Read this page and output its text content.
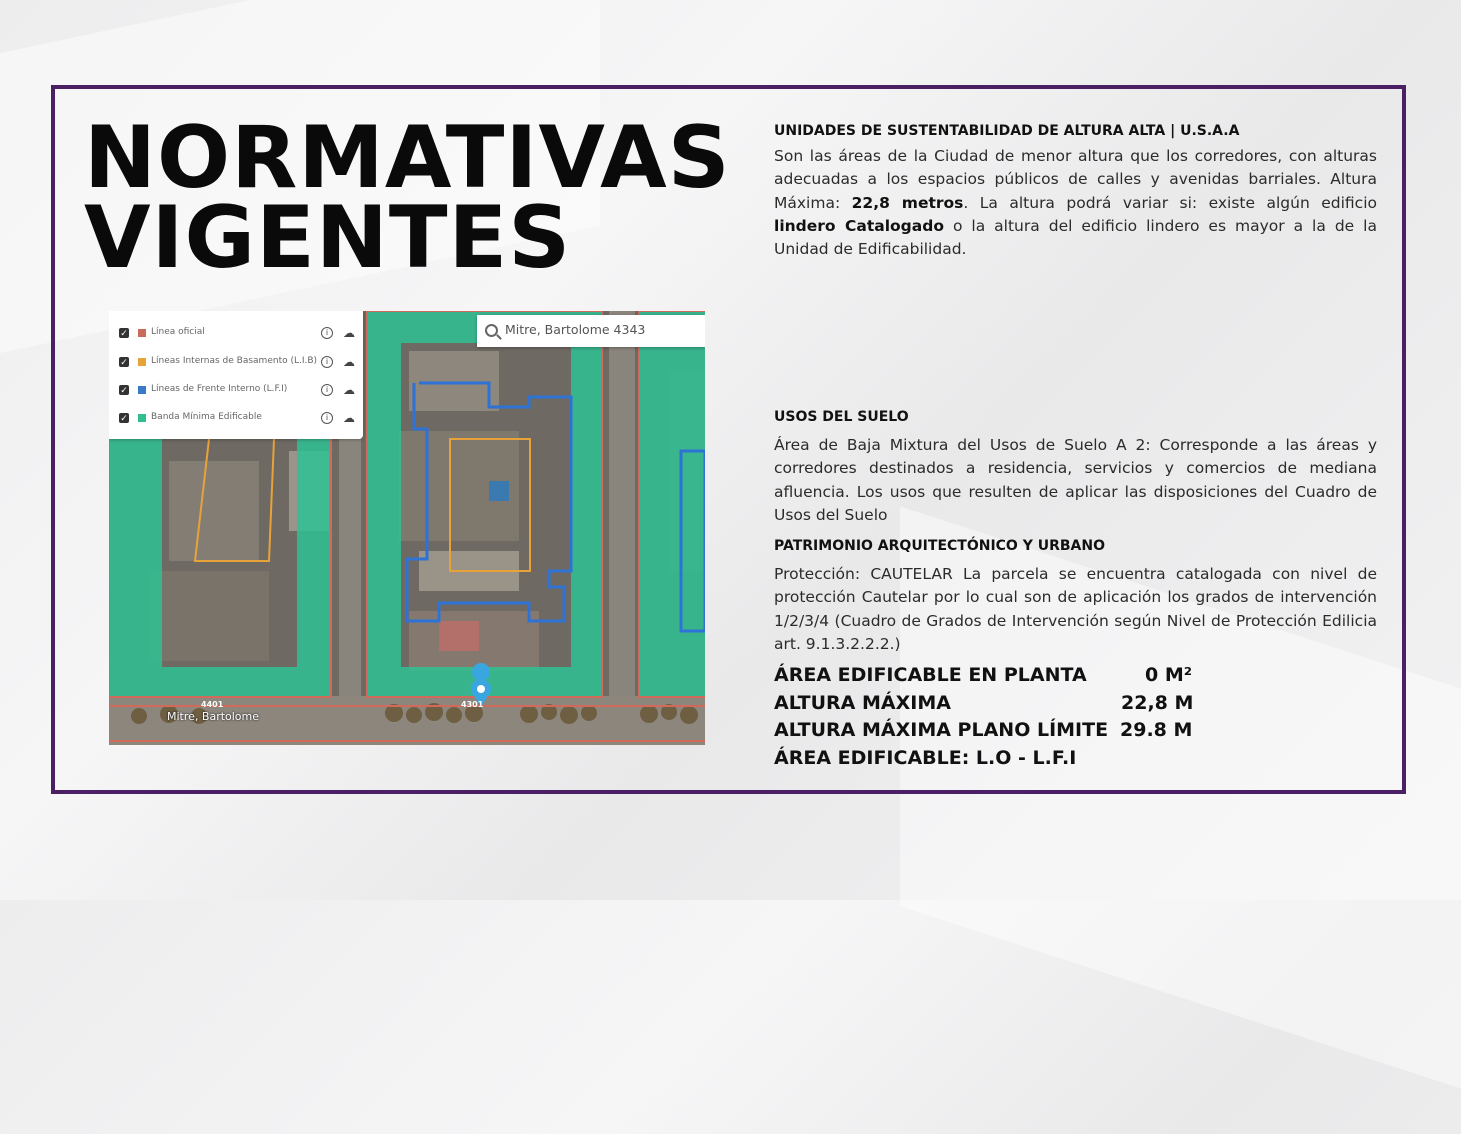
NORMATIVAS
VIGENTES
UNIDADES DE SUSTENTABILIDAD DE ALTURA ALTA | U.S.A.A

Son las áreas de la Ciudad de menor altura que los corredores, con alturas adecuadas a los espacios públicos de calles y avenidas barriales. Altura Máxima: 22,8 metros. La altura podrá variar si: existe algún edificio lindero Catalogado o la altura del edificio lindero es mayor a la de la Unidad de Edificabilidad.

USOS DEL SUELO

Área de Baja Mixtura del Usos de Suelo A 2: Corresponde a las áreas y corredores destinados a residencia, servicios y comercios de mediana afluencia. Los usos que resulten de aplicar las disposiciones del Cuadro de Usos del Suelo

PATRIMONIO ARQUITECTÓNICO Y URBANO

Protección: CAUTELAR La parcela se encuentra catalogada con nivel de protección Cautelar por lo cual son de aplicación los grados de intervención 1/2/3/4 (Cuadro de Grados de Intervención según Nivel de Protección Edilicia art. 9.1.3.2.2.2.)

ÁREA EDIFICABLE EN PLANTA	0 M²
ALTURA MÁXIMA	22,8 M
ALTURA MÁXIMA PLANO LÍMITE 29.8 M
ÁREA EDIFICABLE: L.O - L.F.I
4401	4301
Mitre, Bartolome
✓	Línea oficial	i	☁
✓	Líneas Internas de Basamento (L.I.B)	i	☁
✓	Líneas de Frente Interno (L.F.I)	i	☁
✓	Banda Mínima Edificable	i	☁
Mitre, Bartolome 4343
